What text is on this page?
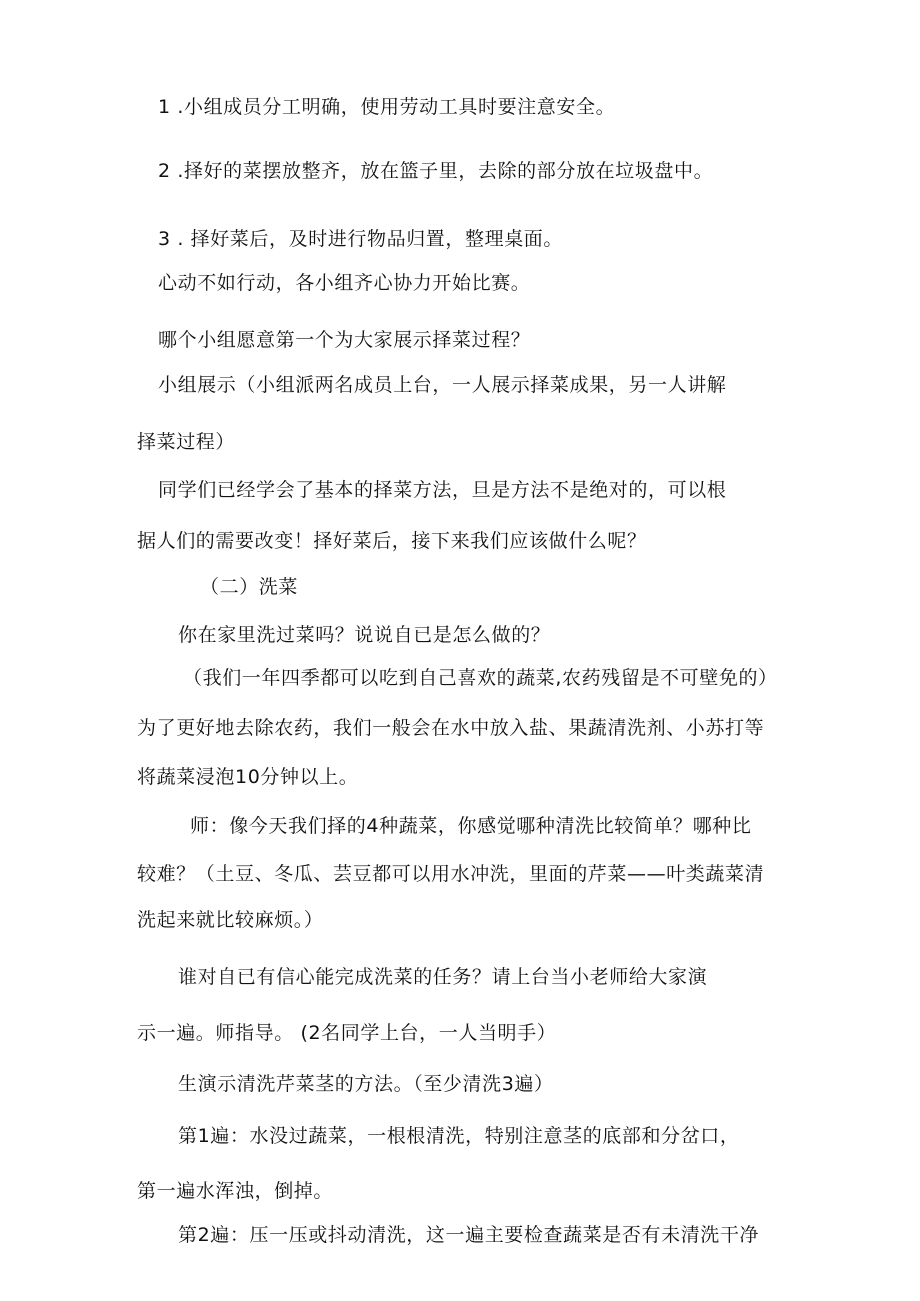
1 .小组成员分工明确，使用劳动工具时要注意安全。
2 .择好的菜摆放整齐，放在篮子里，去除的部分放在垃圾盘中。
3 . 择好菜后，及时进行物品归置，整理桌面。
心动不如行动，各小组齐心协力开始比赛。
哪个小组愿意第一个为大家展示择菜过程？
小组展示（小组派两名成员上台，一人展示择菜成果，另一人讲解
择菜过程）
同学们已经学会了基本的择菜方法，旦是方法不是绝对的，可以根
据人们的需要改变！择好菜后，接下来我们应该做什么呢？
（二）洗菜
你在家里洗过菜吗？说说自已是怎么做的？
（我们一年四季都可以吃到自己喜欢的蔬菜,农药残留是不可壁免的）
为了更好地去除农药，我们一般会在水中放入盐、果蔬清洗剂、小苏打等
将蔬菜浸泡10分钟以上。
师：像今天我们择的4种蔬菜，你感觉哪种清洗比较简单？哪种比
较难？（土豆、冬瓜、芸豆都可以用水冲洗，里面的芹菜——叶类蔬菜清
洗起来就比较麻烦。）
谁对自已有信心能完成洗菜的任务？请上台当小老师给大家演
示一遍。师指导。 (2名同学上台，一人当明手）
生演示清洗芹菜茎的方法。（至少清洗3遍）
第1遍：水没过蔬菜，一根根清洗，特别注意茎的底部和分岔口，
第一遍水浑浊，倒掉。
第2遍：压一压或抖动清洗，这一遍主要检查蔬菜是否有未清洗干净
